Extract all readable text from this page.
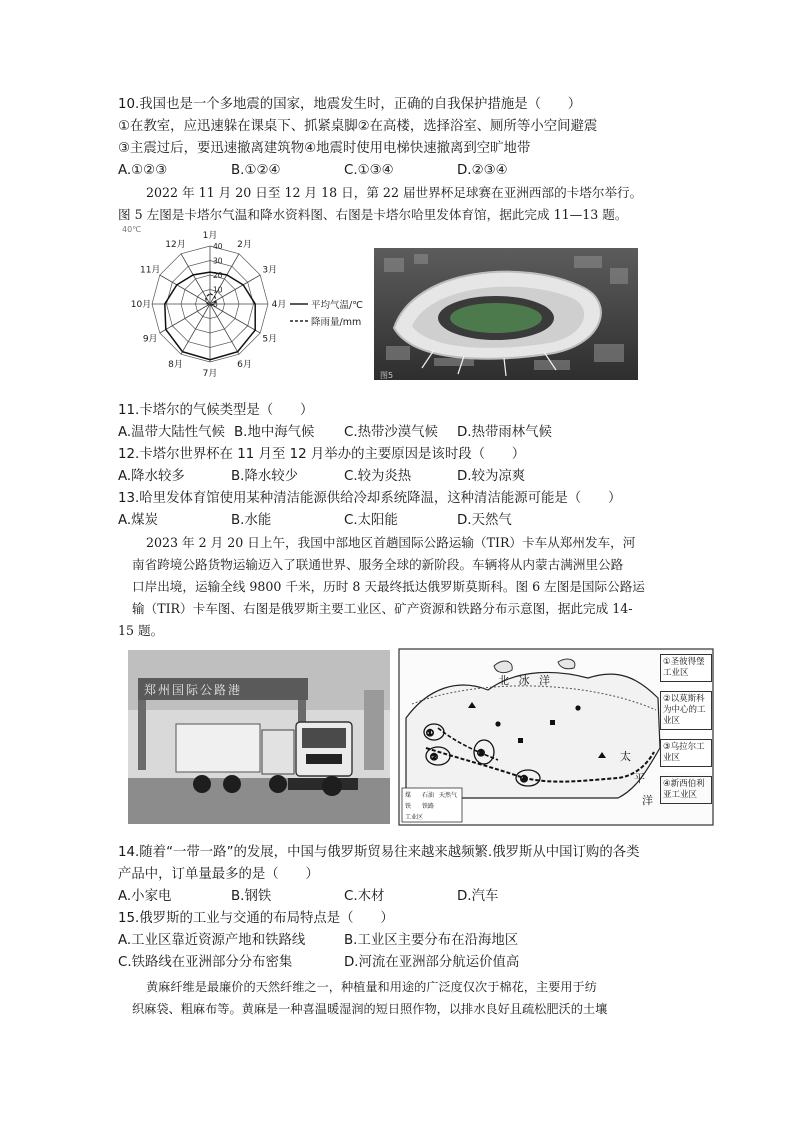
10.我国也是一个多地震的国家，地震发生时，正确的自我保护措施是（　　）
①在教室，应迅速躲在课桌下、抓紧桌脚②在高楼，选择浴室、厕所等小空间避震
③主震过后，要迅速撤离建筑物④地震时使用电梯快速撤离到空旷地带
A.①②③	B.①②④	C.①③④	D.②③④
2022 年 11 月 20 日至 12 月 18 日，第 22 届世界杯足球赛在亚洲西部的卡塔尔举行。
图 5 左图是卡塔尔气温和降水资料图、右图是卡塔尔哈里发体育馆，据此完成 11—13 题。
40℃
1月
2月
3月
4月
5月
6月
7月
8月
9月
10月
11月
12月	40
30
20
10
0	平均气温/℃
降雨量/mm
图5
11.卡塔尔的气候类型是（　　）
A.温带大陆性气候 B.地中海气候 C.热带沙漠气候 D.热带雨林气候
12.卡塔尔世界杯在 11 月至 12 月举办的主要原因是该时段（　　）
A.降水较多	B.降水较少	C.较为炎热	D.较为凉爽
13.哈里发体育馆使用某种清洁能源供给冷却系统降温，这种清洁能源可能是（　　）
A.煤炭	B.水能	C.太阳能	D.天然气
2023 年 2 月 20 日上午，我国中部地区首趟国际公路运输（TIR）卡车从郑州发车，河
南省跨境公路货物运输迈入了联通世界、服务全球的新阶段。车辆将从内蒙古满洲里公路
口岸出境，运输全线 9800 千米，历时 8 天最终抵达俄罗斯莫斯科。图 6 左图是国际公路运
输（TIR）卡车图、右图是俄罗斯主要工业区、矿产资源和铁路分布示意图，据此完成 14-
15 题。
郑州国际公路港
①
②	③
④
北 冰 洋
太
平
洋
煤 石油 天然气
铁 铁路
工业区
①圣彼得堡工业区
②以莫斯科为中心的工业区
③乌拉尔工业区
④新西伯利亚工业区
14.随着“一带一路”的发展，中国与俄罗斯贸易往来越来越频繁.俄罗斯从中国订购的各类
产品中，订单量最多的是（　　）
A.小家电	B.钢铁	C.木材	D.汽车
15.俄罗斯的工业与交通的布局特点是（　　）
A.工业区靠近资源产地和铁路线	B.工业区主要分布在沿海地区
C.铁路线在亚洲部分分布密集	D.河流在亚洲部分航运价值高
黄麻纤维是最廉价的天然纤维之一，种植量和用途的广泛度仅次于棉花，主要用于纺
织麻袋、粗麻布等。黄麻是一种喜温暖湿润的短日照作物，以排水良好且疏松肥沃的土壤
